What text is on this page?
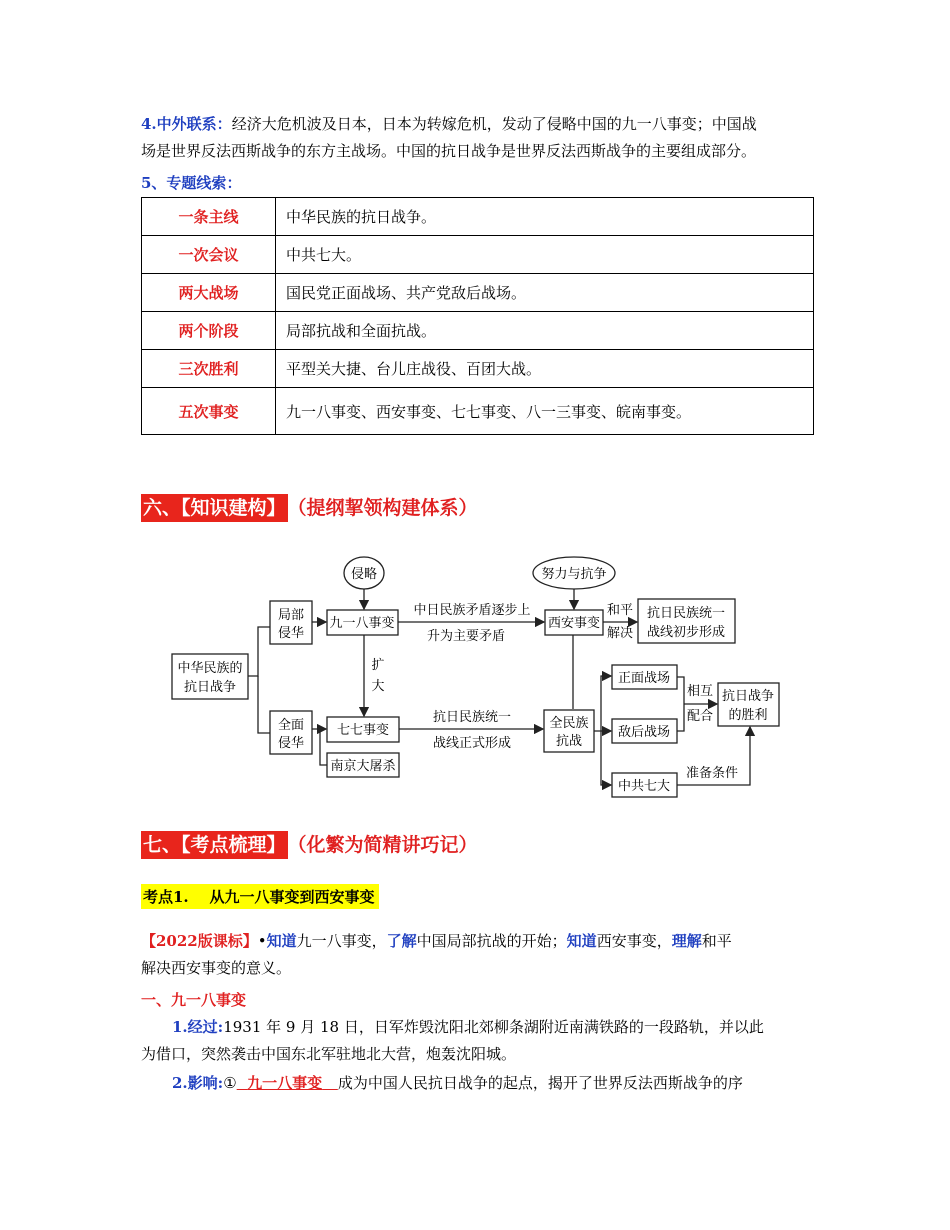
4.中外联系：经济大危机波及日本，日本为转嫁危机，发动了侵略中国的九一八事变；中国战
场是世界反法西斯战争的东方主战场。中国的抗日战争是世界反法西斯战争的主要组成部分。
5、专题线索：
一条主线	中华民族的抗日战争。
一次会议	中共七大。
两大战场	国民党正面战场、共产党敌后战场。
两个阶段	局部抗战和全面抗战。
三次胜利	平型关大捷、台儿庄战役、百团大战。
五次事变	九一八事变、西安事变、七七事变、八一三事变、皖南事变。
六、【知识建构】 （提纲挈领构建体系）
中华民族的
抗日战争
局部
侵华
全面
侵华
侵略
九一八事变
扩
大
七七事变
南京大屠杀
中日民族矛盾逐步上
升为主要矛盾
努力与抗争
西安事变
和平
解决
抗日民族统一
战线初步形成
抗日民族统一
战线正式形成
全民族
抗战
正面战场
敌后战场
中共七大
相互
配合
抗日战争
的胜利
准备条件
七、【考点梳理】 （化繁为简精讲巧记）
考点1.    从九一八事变到西安事变
【2022版课标】•知道九一八事变，了解中国局部抗战的开始；知道西安事变，理解和平
解决西安事变的意义。
一、九一八事变
1.经过:1931 年 9 月 18 日，日军炸毁沈阳北郊柳条湖附近南满铁路的一段路轨，并以此
为借口，突然袭击中国东北军驻地北大营，炮轰沈阳城。
2.影响:① 九一八事变 成为中国人民抗日战争的起点，揭开了世界反法西斯战争的序
